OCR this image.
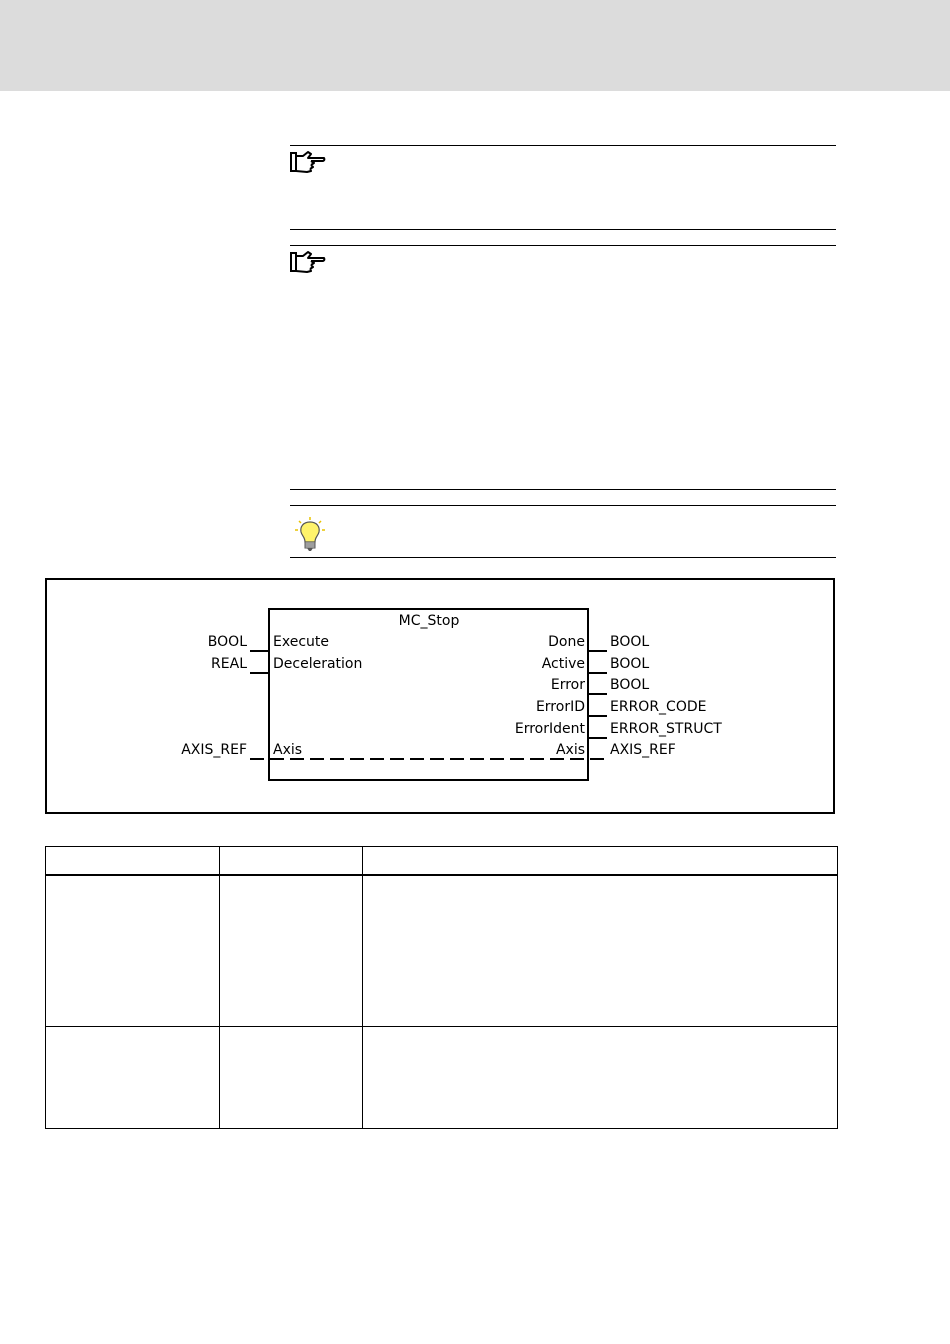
MC_Stop
BOOL Execute
REAL Deceleration
Done BOOL
Active BOOL
Error BOOL
ErrorID ERROR_CODE
ErrorIdent ERROR_STRUCT
AXIS_REF Axis	Axis AXIS_REF
